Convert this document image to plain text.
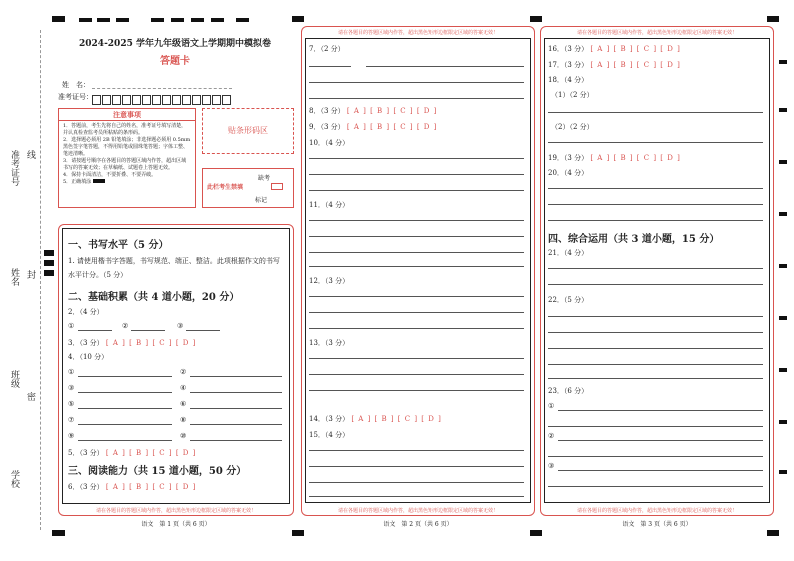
准考证号 线
姓名 封
班级
密
学校
2024-2025 学年九年级语文上学期期中模拟卷
答题卡
姓　名：
准考证号：
注意事项
1．答题前，考生先将自己的姓名，准考证号填写清楚，并认真检查监考员所粘贴的条形码。
2．选择题必须用 2B 铅笔填涂；非选择题必须用 0.5mm 黑色签字笔答题，不得用铅笔或圆珠笔答题；字体工整、笔迹清晰。
3．请按题号顺序在各题目的答题区域内作答，超出区域书写的答案无效；在草稿纸、试题卷上答题无效。
4．保持卡面清洁，不要折叠、不要弄破。
5．正确填涂
贴条形码区
此栏考生禁填
缺考
标记
请在各题目的答题区域内作答，超出黑色矩形边框限定区域的答案无效！
一、书写水平（5 分）
1. 请使用楷书字答题，书写规范、端正、整洁。此项根据作文的书写水平计分。（5 分）
二、基础积累（共 4 道小题，20 分）
2．（4 分）
①	②	③
3．（3 分） [ A ] [ B ] [ C ] [ D ]
4．（10 分）
①	②
③	④
⑤	⑥
⑦	⑧
⑨	⑩
5．（3 分） [ A ] [ B ] [ C ] [ D ]
三、阅读能力（共 15 道小题，50 分）
6．（3 分） [ A ] [ B ] [ C ] [ D ]
语文　第 1 页（共 6 页）
请在各题目的答题区域内作答，超出黑色矩形边框限定区域的答案无效！
请在各题目的答题区域内作答，超出黑色矩形边框限定区域的答案无效！
7．（2 分）
8．（3 分） [ A ] [ B ] [ C ] [ D ]
9．（3 分） [ A ] [ B ] [ C ] [ D ]
10．（4 分）
11．（4 分）
12．（3 分）
13．（3 分）
14．（3 分） [ A ] [ B ] [ C ] [ D ]
15．（4 分）
语文　第 2 页（共 6 页）
请在各题目的答题区域内作答，超出黑色矩形边框限定区域的答案无效！
请在各题目的答题区域内作答，超出黑色矩形边框限定区域的答案无效！
16．（3 分） [ A ] [ B ] [ C ] [ D ]
17．（3 分） [ A ] [ B ] [ C ] [ D ]
18．（4 分）
（1）（2 分）
（2）（2 分）
19．（3 分） [ A ] [ B ] [ C ] [ D ]
20．（4 分）
四、综合运用（共 3 道小题，15 分）
21．（4 分）
22．（5 分）
23．（6 分）
①
②
③
语文　第 3 页（共 6 页）
